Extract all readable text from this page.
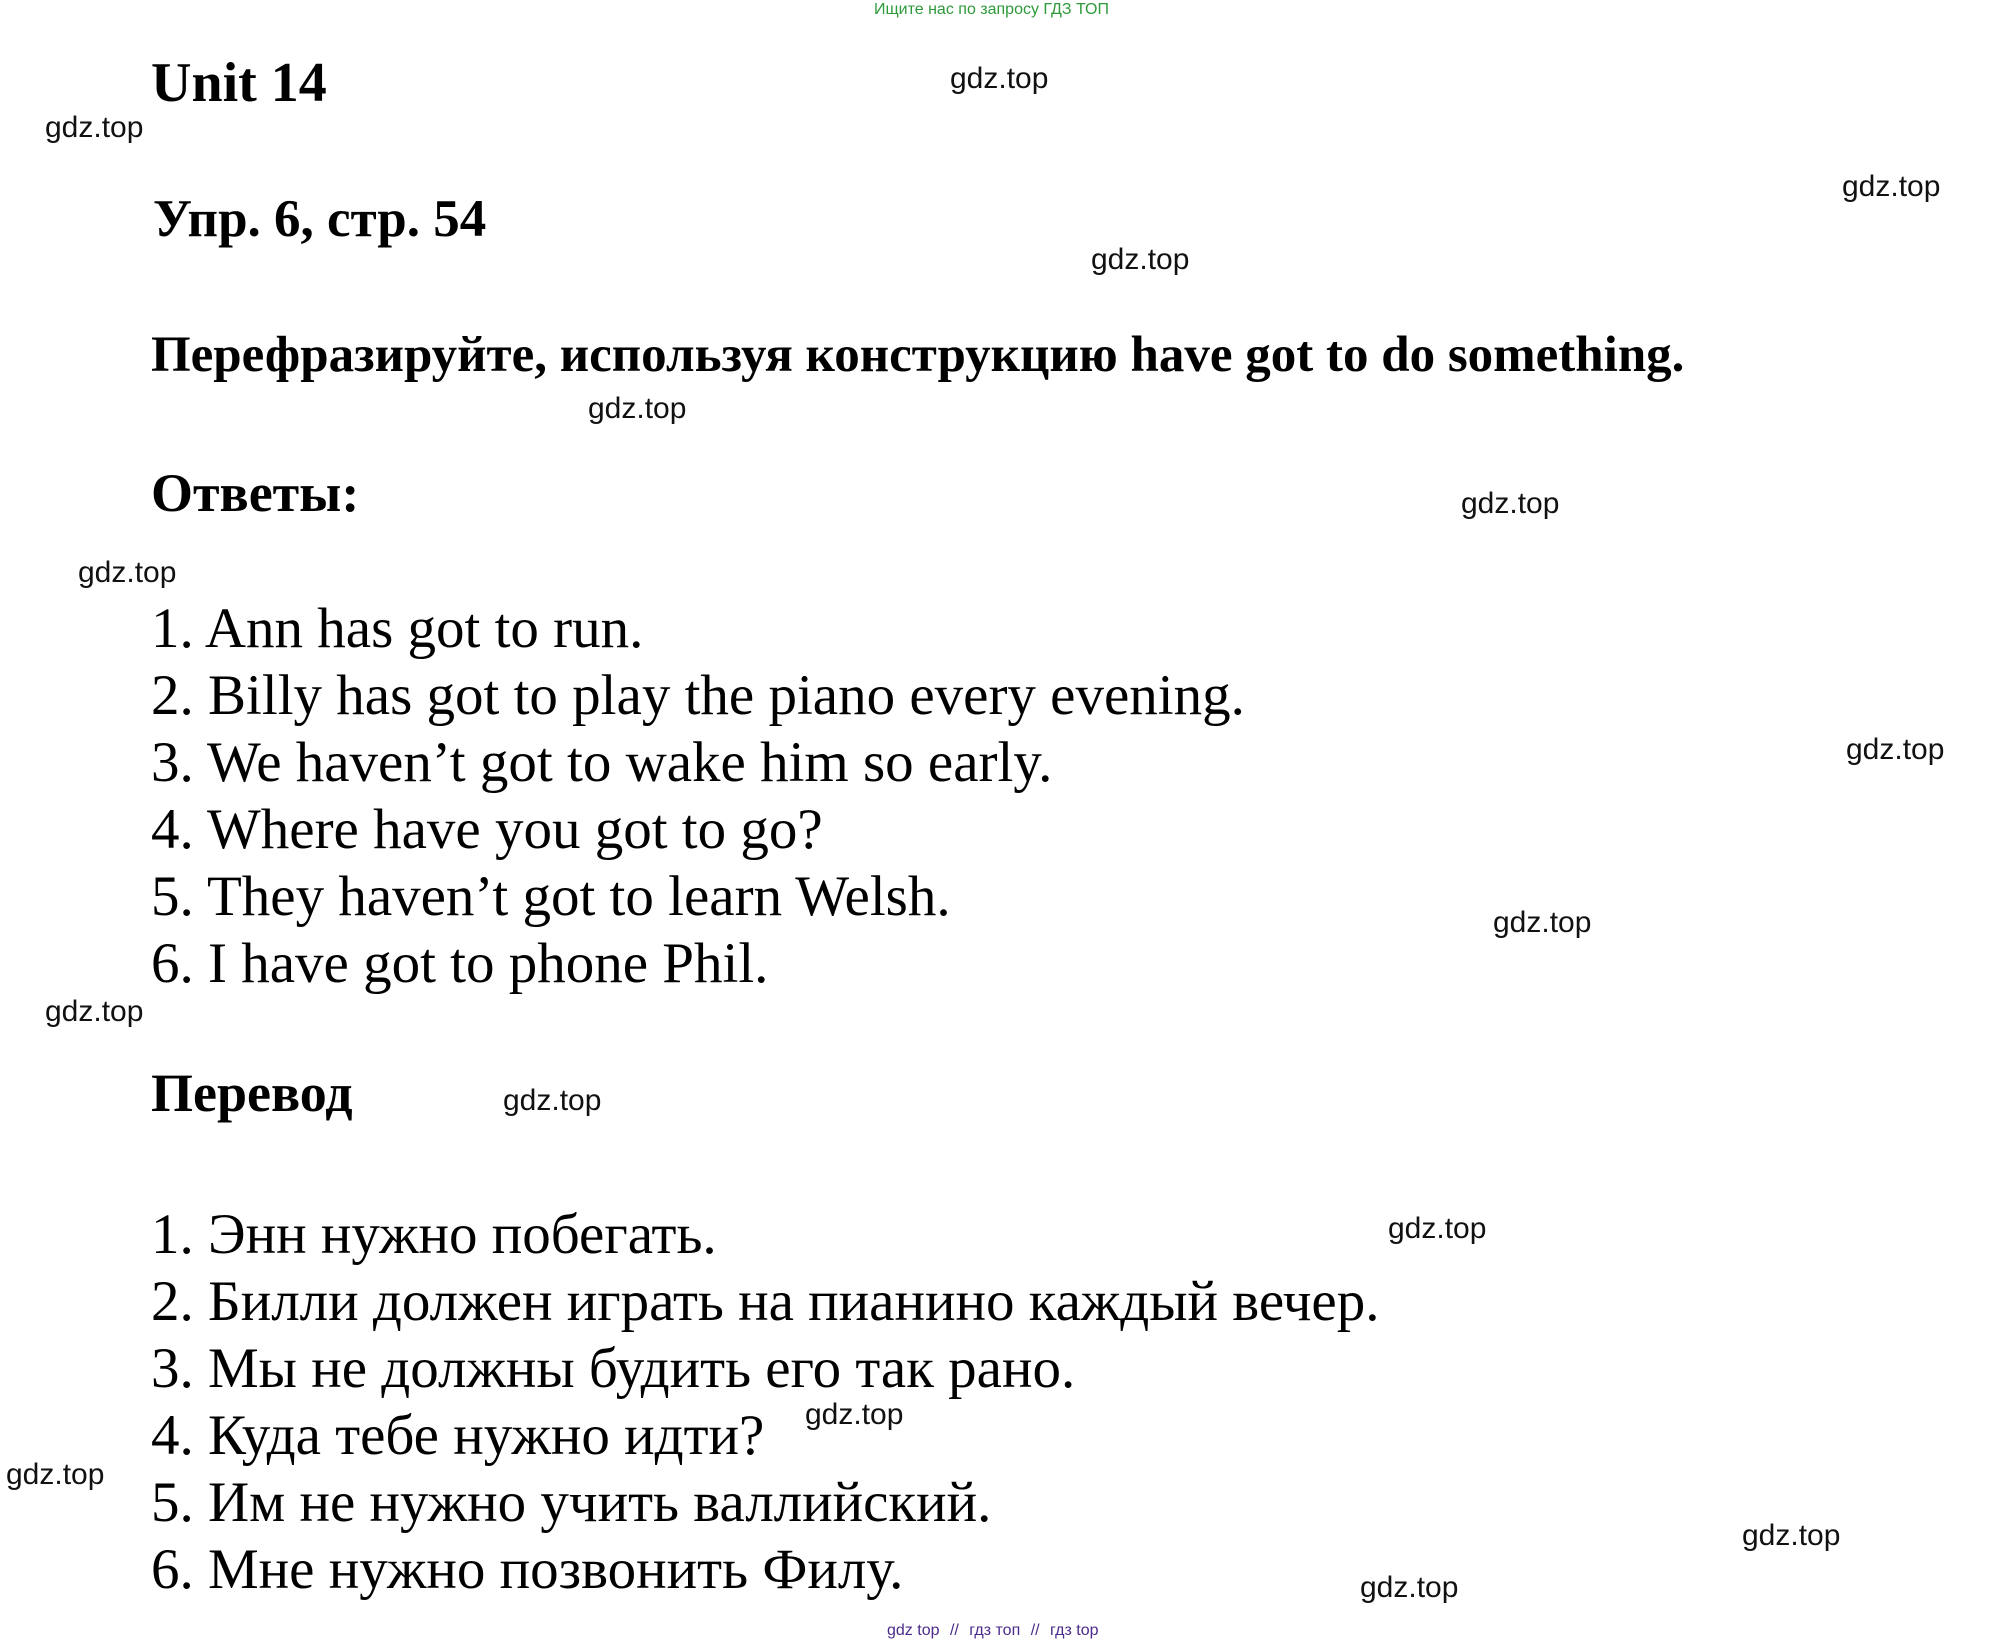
Ищите нас по запросу ГДЗ ТОП
Unit 14
Упр. 6, стр. 54
Перефразируйте, используя конструкцию have got to do something.
Ответы:
1. Ann has got to run.
2. Billy has got to play the piano every evening.
3. We haven’t got to wake him so early.
4. Where have you got to go?
5. They haven’t got to learn Welsh.
6. I have got to phone Phil.
Перевод
1. Энн нужно побегать.
2. Билли должен играть на пианино каждый вечер.
3. Мы не должны будить его так рано.
4. Куда тебе нужно идти?
5. Им не нужно учить валлийский.
6. Мне нужно позвонить Филу.
gdz.top
gdz.top
gdz.top
gdz.top
gdz.top
gdz.top
gdz.top
gdz.top
gdz.top
gdz.top
gdz.top
gdz.top
gdz.top
gdz.top
gdz.top
gdz.top
gdz top // гдз топ // гдз top
